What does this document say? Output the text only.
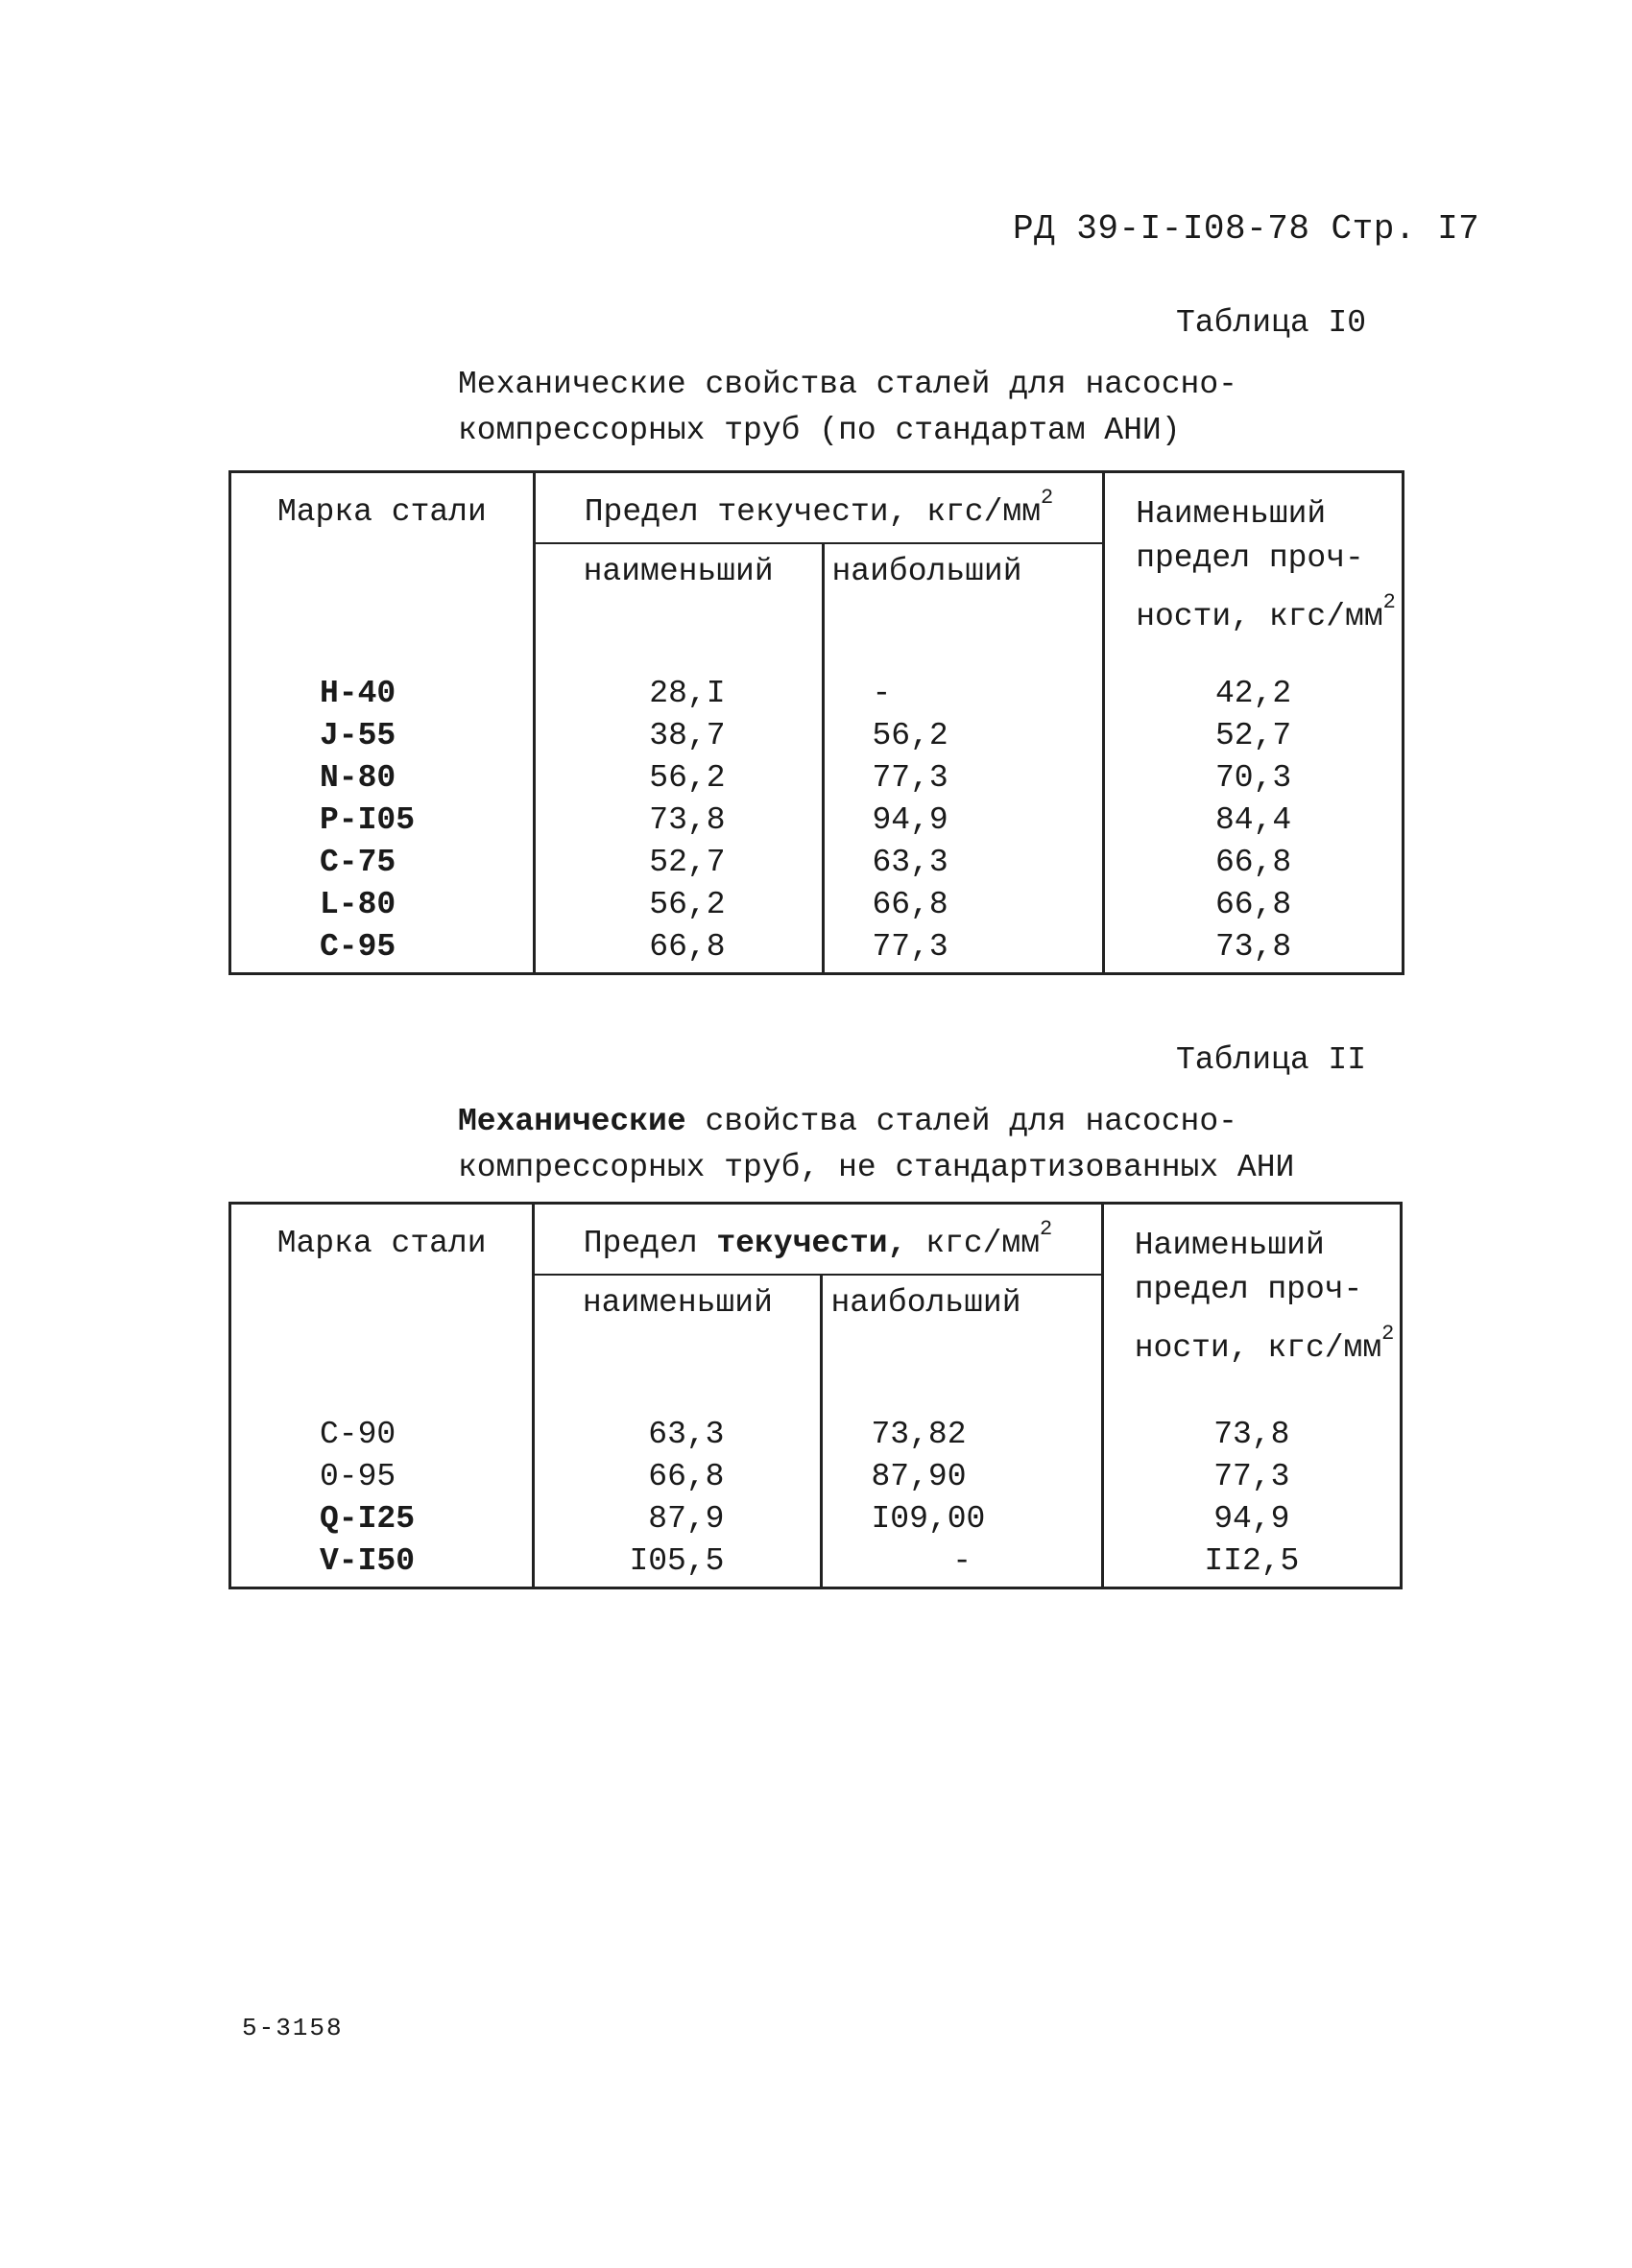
РД 39-I-I08-78 Стр. I7
Таблица I0
Механические свойства сталей для насосно-
компрессорных труб (по стандартам АНИ)
Марка стали	Предел текучести, кгс/$мм^2$		Наименьший
предел проч-
ности, кгс/$мм^2$
	наименьший	наибольший	
H-40	28,I	-	42,2
J-55	38,7	56,2	52,7
N-80	56,2	77,3	70,3
P-I05	73,8	94,9	84,4
C-75	52,7	63,3	66,8
L-80	56,2	66,8	66,8
C-95	66,8	77,3	73,8
Таблица II
Механические свойства сталей для насосно-
компрессорных труб, не стандартизованных АНИ
Марка стали	Предел текучести, кгс/$мм^2$		Наименьший
предел проч-
ности, кгс/$мм^2$
	наименьший	наибольший	
C-90	63,3	73,82	73,8
0-95	66,8	87,90	77,3
Q-I25	87,9	I09,00	94,9
V-I50	I05,5	-	II2,5
5-3158
